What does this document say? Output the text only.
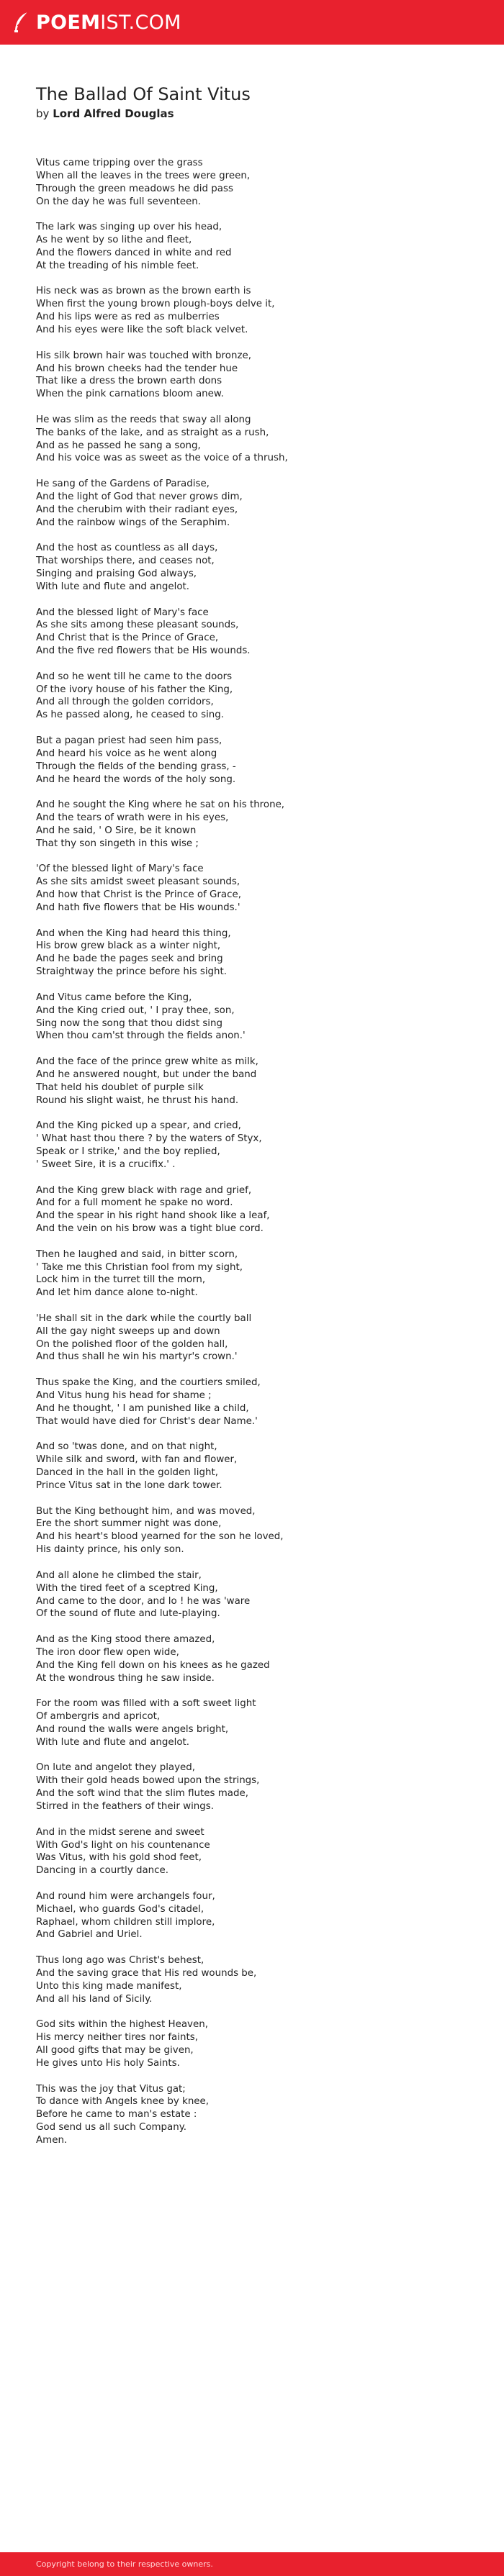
POEMIST.COM
The Ballad Of Saint Vitus
by Lord Alfred Douglas
Vitus came tripping over the grass
When all the leaves in the trees were green,
Through the green meadows he did pass
On the day he was full seventeen.
The lark was singing up over his head,
As he went by so lithe and fleet,
And the flowers danced in white and red
At the treading of his nimble feet.
His neck was as brown as the brown earth is
When first the young brown plough-boys delve it,
And his lips were as red as mulberries
And his eyes were like the soft black velvet.
His silk brown hair was touched with bronze,
And his brown cheeks had the tender hue
That like a dress the brown earth dons
When the pink carnations bloom anew.
He was slim as the reeds that sway all along
The banks of the lake, and as straight as a rush,
And as he passed he sang a song,
And his voice was as sweet as the voice of a thrush,
He sang of the Gardens of Paradise,
And the light of God that never grows dim,
And the cherubim with their radiant eyes,
And the rainbow wings of the Seraphim.
And the host as countless as all days,
That worships there, and ceases not,
Singing and praising God always,
With lute and flute and angelot.
And the blessed light of Mary's face
As she sits among these pleasant sounds,
And Christ that is the Prince of Grace,
And the five red flowers that be His wounds.
And so he went till he came to the doors
Of the ivory house of his father the King,
And all through the golden corridors,
As he passed along, he ceased to sing.
But a pagan priest had seen him pass,
And heard his voice as he went along
Through the fields of the bending grass, -
And he heard the words of the holy song.
And he sought the King where he sat on his throne,
And the tears of wrath were in his eyes,
And he said, ' O Sire, be it known
That thy son singeth in this wise ;
'Of the blessed light of Mary's face
As she sits amidst sweet pleasant sounds,
And how that Christ is the Prince of Grace,
And hath five flowers that be His wounds.'
And when the King had heard this thing,
His brow grew black as a winter night,
And he bade the pages seek and bring
Straightway the prince before his sight.
And Vitus came before the King,
And the King cried out, ' I pray thee, son,
Sing now the song that thou didst sing
When thou cam'st through the fields anon.'
And the face of the prince grew white as milk,
And he answered nought, but under the band
That held his doublet of purple silk
Round his slight waist, he thrust his hand.
And the King picked up a spear, and cried,
' What hast thou there ? by the waters of Styx,
Speak or I strike,' and the boy replied,
' Sweet Sire, it is a crucifix.' .
And the King grew black with rage and grief,
And for a full moment he spake no word.
And the spear in his right hand shook like a leaf,
And the vein on his brow was a tight blue cord.
Then he laughed and said, in bitter scorn,
' Take me this Christian fool from my sight,
Lock him in the turret till the morn,
And let him dance alone to-night.
'He shall sit in the dark while the courtly ball
All the gay night sweeps up and down
On the polished floor of the golden hall,
And thus shall he win his martyr's crown.'
Thus spake the King, and the courtiers smiled,
And Vitus hung his head for shame ;
And he thought, ' I am punished like a child,
That would have died for Christ's dear Name.'
And so 'twas done, and on that night,
While silk and sword, with fan and flower,
Danced in the hall in the golden light,
Prince Vitus sat in the lone dark tower.
But the King bethought him, and was moved,
Ere the short summer night was done,
And his heart's blood yearned for the son he loved,
His dainty prince, his only son.
And all alone he climbed the stair,
With the tired feet of a sceptred King,
And came to the door, and lo ! he was 'ware
Of the sound of flute and lute-playing.
And as the King stood there amazed,
The iron door flew open wide,
And the King fell down on his knees as he gazed
At the wondrous thing he saw inside.
For the room was filled with a soft sweet light
Of ambergris and apricot,
And round the walls were angels bright,
With lute and flute and angelot.
On lute and angelot they played,
With their gold heads bowed upon the strings,
And the soft wind that the slim flutes made,
Stirred in the feathers of their wings.
And in the midst serene and sweet
With God's light on his countenance
Was Vitus, with his gold shod feet,
Dancing in a courtly dance.
And round him were archangels four,
Michael, who guards God's citadel,
Raphael, whom children still implore,
And Gabriel and Uriel.
Thus long ago was Christ's behest,
And the saving grace that His red wounds be,
Unto this king made manifest,
And all his land of Sicily.
God sits within the highest Heaven,
His mercy neither tires nor faints,
All good gifts that may be given,
He gives unto His holy Saints.
This was the joy that Vitus gat;
To dance with Angels knee by knee,
Before he came to man's estate :
God send us all such Company.
Amen.
Copyright belong to their respective owners.
